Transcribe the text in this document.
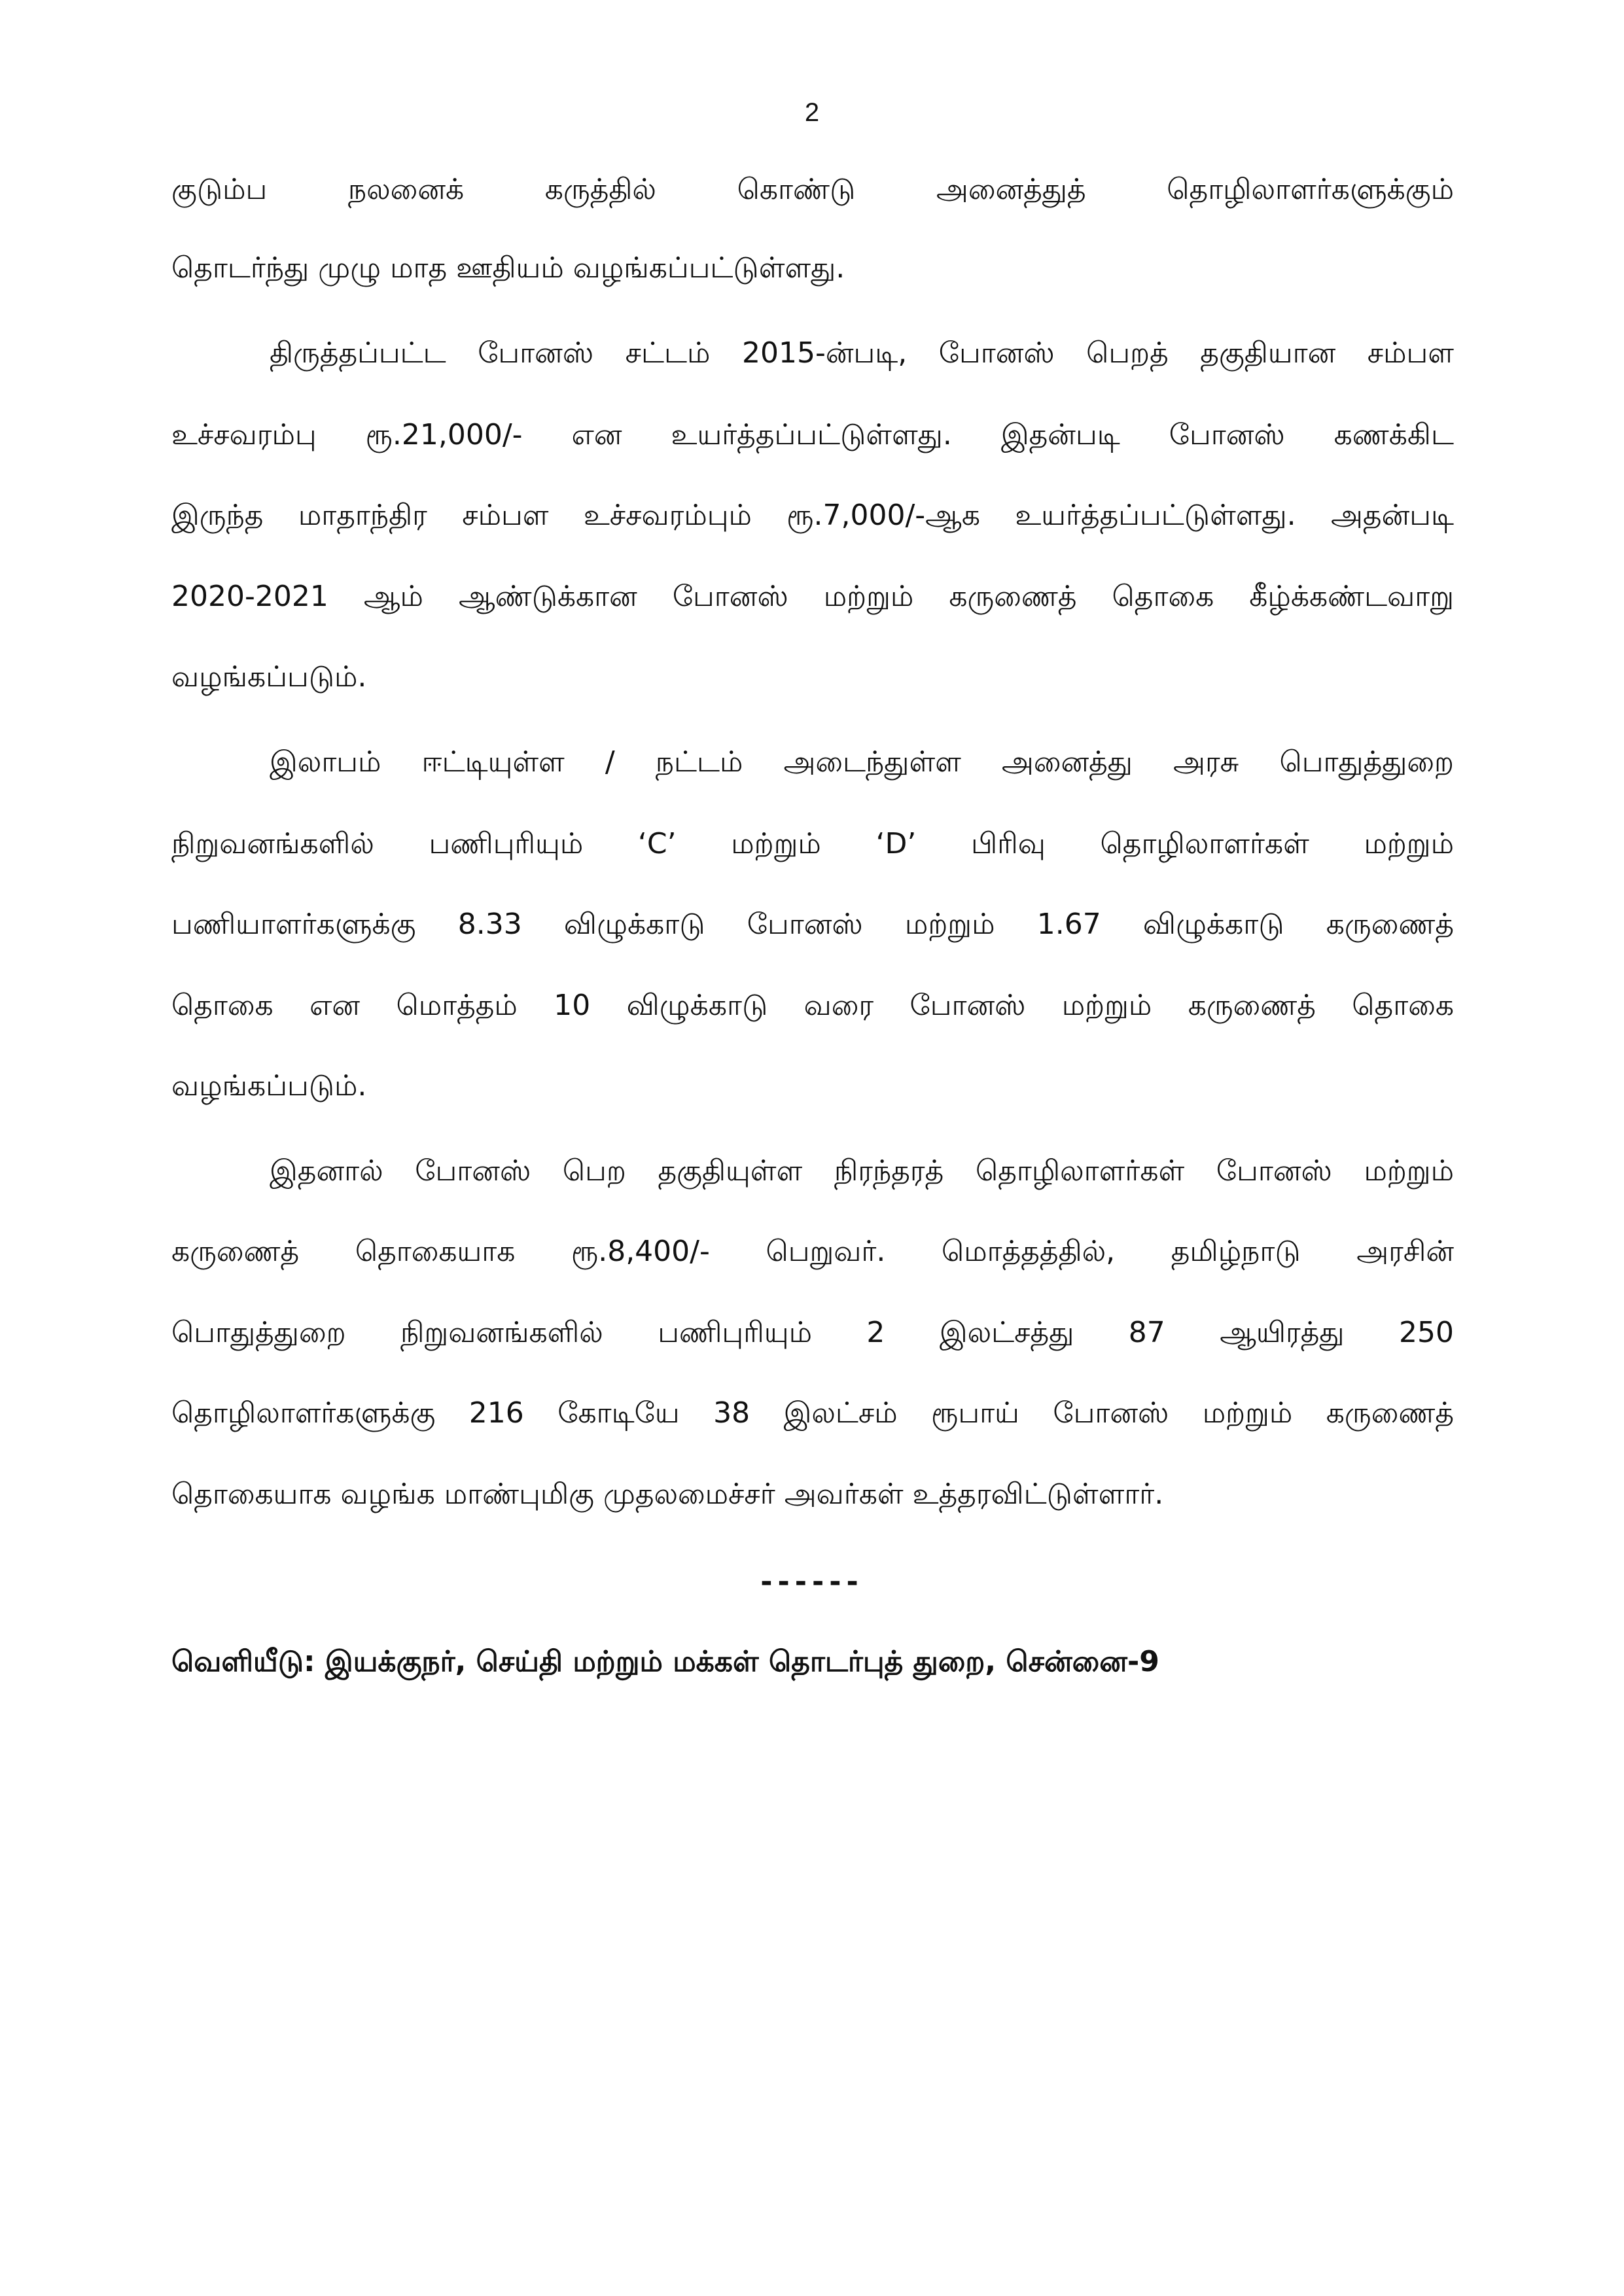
2
குடும்ப நலனைக் கருத்தில் கொண்டு அனைத்துத் தொழிலாளர்களுக்கும்
தொடர்ந்து முழு மாத ஊதியம் வழங்கப்பட்டுள்ளது.
திருத்தப்பட்ட போனஸ் சட்டம் 2015-ன்படி, போனஸ் பெறத் தகுதியான சம்பள
உச்சவரம்பு ரூ.21,000/- என உயர்த்தப்பட்டுள்ளது. இதன்படி போனஸ் கணக்கிட
இருந்த மாதாந்திர சம்பள உச்சவரம்பும் ரூ.7,000/-ஆக உயர்த்தப்பட்டுள்ளது. அதன்படி
2020-2021 ஆம் ஆண்டுக்கான போனஸ் மற்றும் கருணைத் தொகை கீழ்க்கண்டவாறு
வழங்கப்படும்.
இலாபம் ஈட்டியுள்ள / நட்டம் அடைந்துள்ள அனைத்து அரசு பொதுத்துறை
நிறுவனங்களில் பணிபுரியும் ‘C’ மற்றும் ‘D’ பிரிவு தொழிலாளர்கள் மற்றும்
பணியாளர்களுக்கு 8.33 விழுக்காடு போனஸ் மற்றும் 1.67 விழுக்காடு கருணைத்
தொகை என மொத்தம் 10 விழுக்காடு வரை போனஸ் மற்றும் கருணைத் தொகை
வழங்கப்படும்.
இதனால் போனஸ் பெற தகுதியுள்ள நிரந்தரத் தொழிலாளர்கள் போனஸ் மற்றும்
கருணைத் தொகையாக ரூ.8,400/- பெறுவர். மொத்தத்தில், தமிழ்நாடு அரசின்
பொதுத்துறை நிறுவனங்களில் பணிபுரியும் 2 இலட்சத்து 87 ஆயிரத்து 250
தொழிலாளர்களுக்கு 216 கோடியே 38 இலட்சம் ரூபாய் போனஸ் மற்றும் கருணைத்
தொகையாக வழங்க மாண்புமிகு முதலமைச்சர் அவர்கள் உத்தரவிட்டுள்ளார்.
------
வெளியீடு: இயக்குநர், செய்தி மற்றும் மக்கள் தொடர்புத் துறை, சென்னை-9
